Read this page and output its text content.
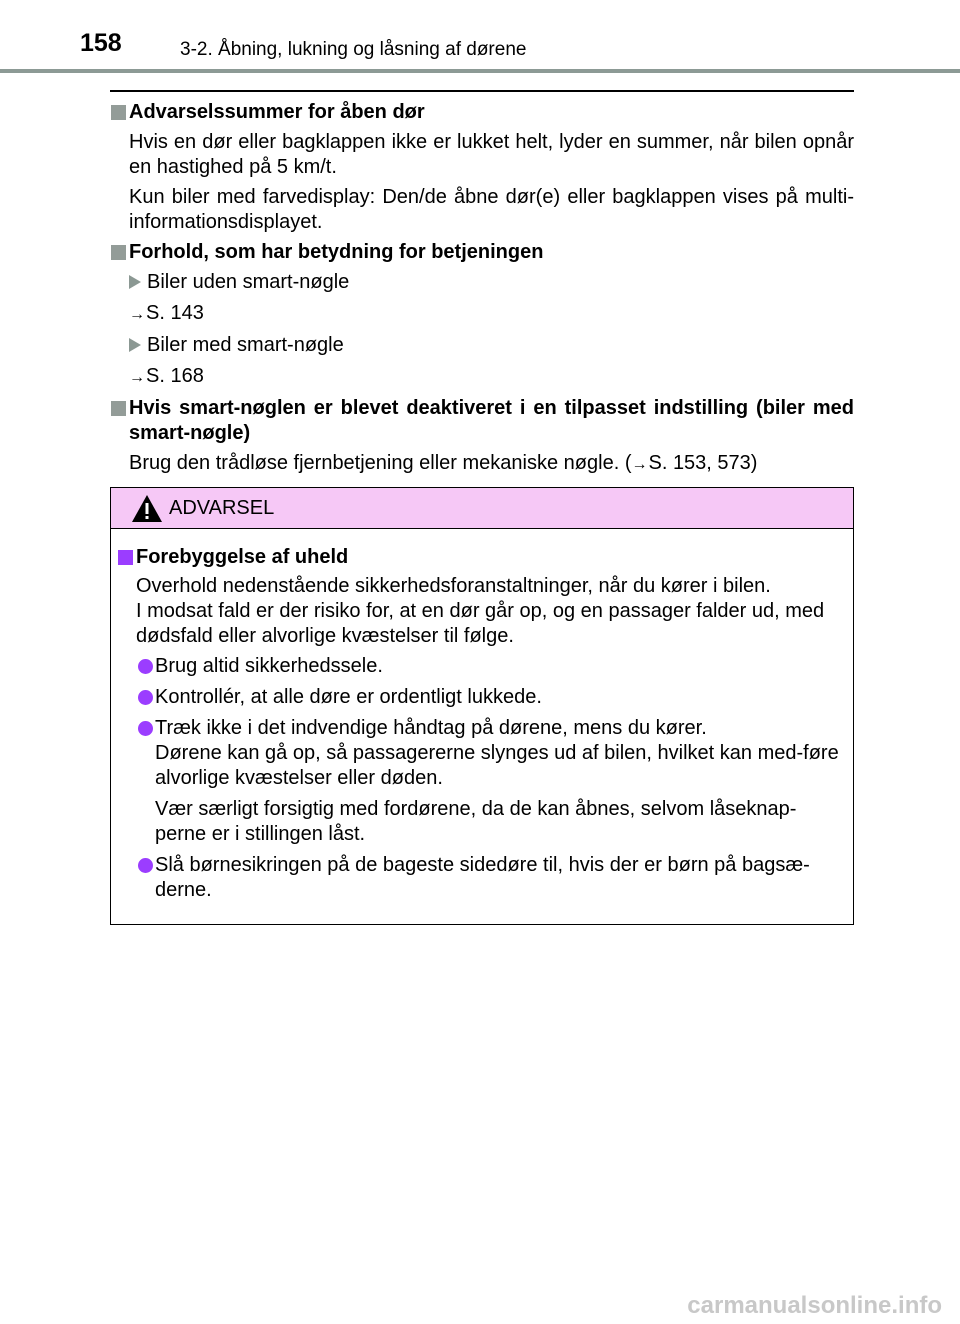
158	3-2. Åbning, lukning og låsning af dørene
Advarselssummer for åben dør
Hvis en dør eller bagklappen ikke er lukket helt, lyder en summer, når bilen opnår en hastighed på 5 km/t.
Kun biler med farvedisplay: Den/de åbne dør(e) eller bagklappen vises på multi-informationsdisplayet.
Forhold, som har betydning for betjeningen
Biler uden smart-nøgle
→S. 143
Biler med smart-nøgle
→S. 168
Hvis smart-nøglen er blevet deaktiveret i en tilpasset indstilling (biler med smart-nøgle)
Brug den trådløse fjernbetjening eller mekaniske nøgle. (→S. 153, 573)
ADVARSEL
Forebyggelse af uheld
Overhold nedenstående sikkerhedsforanstaltninger, når du kører i bilen.
I modsat fald er der risiko for, at en dør går op, og en passager falder ud, med dødsfald eller alvorlige kvæstelser til følge.
Brug altid sikkerhedssele.
Kontrollér, at alle døre er ordentligt lukkede.
Træk ikke i det indvendige håndtag på dørene, mens du kører.
Dørene kan gå op, så passagererne slynges ud af bilen, hvilket kan med-føre alvorlige kvæstelser eller døden.
Vær særligt forsigtig med fordørene, da de kan åbnes, selvom låseknap-perne er i stillingen låst.
Slå børnesikringen på de bageste sidedøre til, hvis der er børn på bagsæ-derne.
carmanualsonline.info
